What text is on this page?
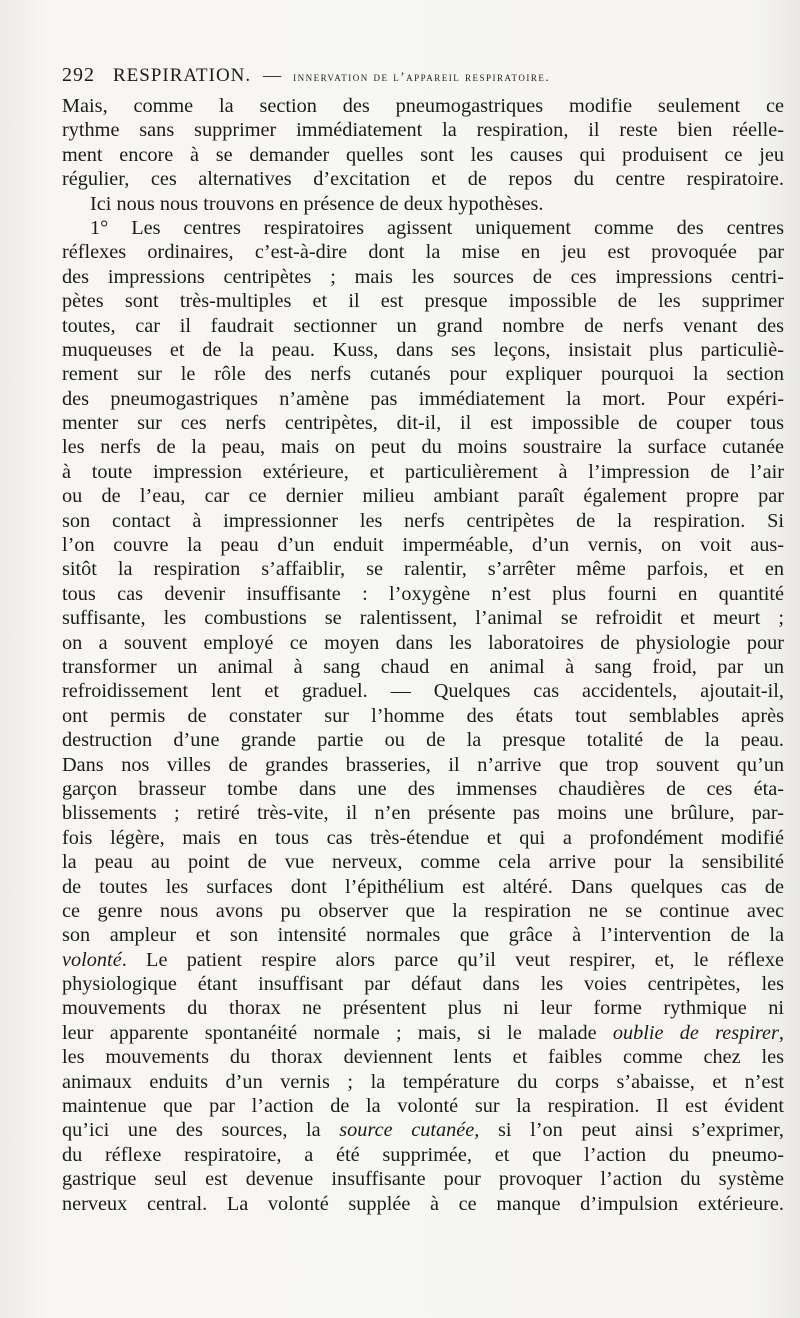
292 RESPIRATION. — innervation de l’appareil respiratoire.
Mais, comme la section des pneumogastriques modifie seulement ce
rythme sans supprimer immédiatement la respiration, il reste bien réelle-
ment encore à se demander quelles sont les causes qui produisent ce jeu
régulier, ces alternatives d’excitation et de repos du centre respiratoire.
Ici nous nous trouvons en présence de deux hypothèses.
1° Les centres respiratoires agissent uniquement comme des centres
réflexes ordinaires, c’est-à-dire dont la mise en jeu est provoquée par
des impressions centripètes ; mais les sources de ces impressions centri-
pètes sont très-multiples et il est presque impossible de les supprimer
toutes, car il faudrait sectionner un grand nombre de nerfs venant des
muqueuses et de la peau. Kuss, dans ses leçons, insistait plus particuliè-
rement sur le rôle des nerfs cutanés pour expliquer pourquoi la section
des pneumogastriques n’amène pas immédiatement la mort. Pour expéri-
menter sur ces nerfs centripètes, dit-il, il est impossible de couper tous
les nerfs de la peau, mais on peut du moins soustraire la surface cutanée
à toute impression extérieure, et particulièrement à l’impression de l’air
ou de l’eau, car ce dernier milieu ambiant paraît également propre par
son contact à impressionner les nerfs centripètes de la respiration. Si
l’on couvre la peau d’un enduit imperméable, d’un vernis, on voit aus-
sitôt la respiration s’affaiblir, se ralentir, s’arrêter même parfois, et en
tous cas devenir insuffisante : l’oxygène n’est plus fourni en quantité
suffisante, les combustions se ralentissent, l’animal se refroidit et meurt ;
on a souvent employé ce moyen dans les laboratoires de physiologie pour
transformer un animal à sang chaud en animal à sang froid, par un
refroidissement lent et graduel. — Quelques cas accidentels, ajoutait-il,
ont permis de constater sur l’homme des états tout semblables après
destruction d’une grande partie ou de la presque totalité de la peau.
Dans nos villes de grandes brasseries, il n’arrive que trop souvent qu’un
garçon brasseur tombe dans une des immenses chaudières de ces éta-
blissements ; retiré très-vite, il n’en présente pas moins une brûlure, par-
fois légère, mais en tous cas très-étendue et qui a profondément modifié
la peau au point de vue nerveux, comme cela arrive pour la sensibilité
de toutes les surfaces dont l’épithélium est altéré. Dans quelques cas de
ce genre nous avons pu observer que la respiration ne se continue avec
son ampleur et son intensité normales que grâce à l’intervention de la
volonté. Le patient respire alors parce qu’il veut respirer, et, le réflexe
physiologique étant insuffisant par défaut dans les voies centripètes, les
mouvements du thorax ne présentent plus ni leur forme rythmique ni
leur apparente spontanéité normale ; mais, si le malade oublie de respirer,
les mouvements du thorax deviennent lents et faibles comme chez les
animaux enduits d’un vernis ; la température du corps s’abaisse, et n’est
maintenue que par l’action de la volonté sur la respiration. Il est évident
qu’ici une des sources, la source cutanée, si l’on peut ainsi s’exprimer,
du réflexe respiratoire, a été supprimée, et que l’action du pneumo-
gastrique seul est devenue insuffisante pour provoquer l’action du système
nerveux central. La volonté supplée à ce manque d’impulsion extérieure.
